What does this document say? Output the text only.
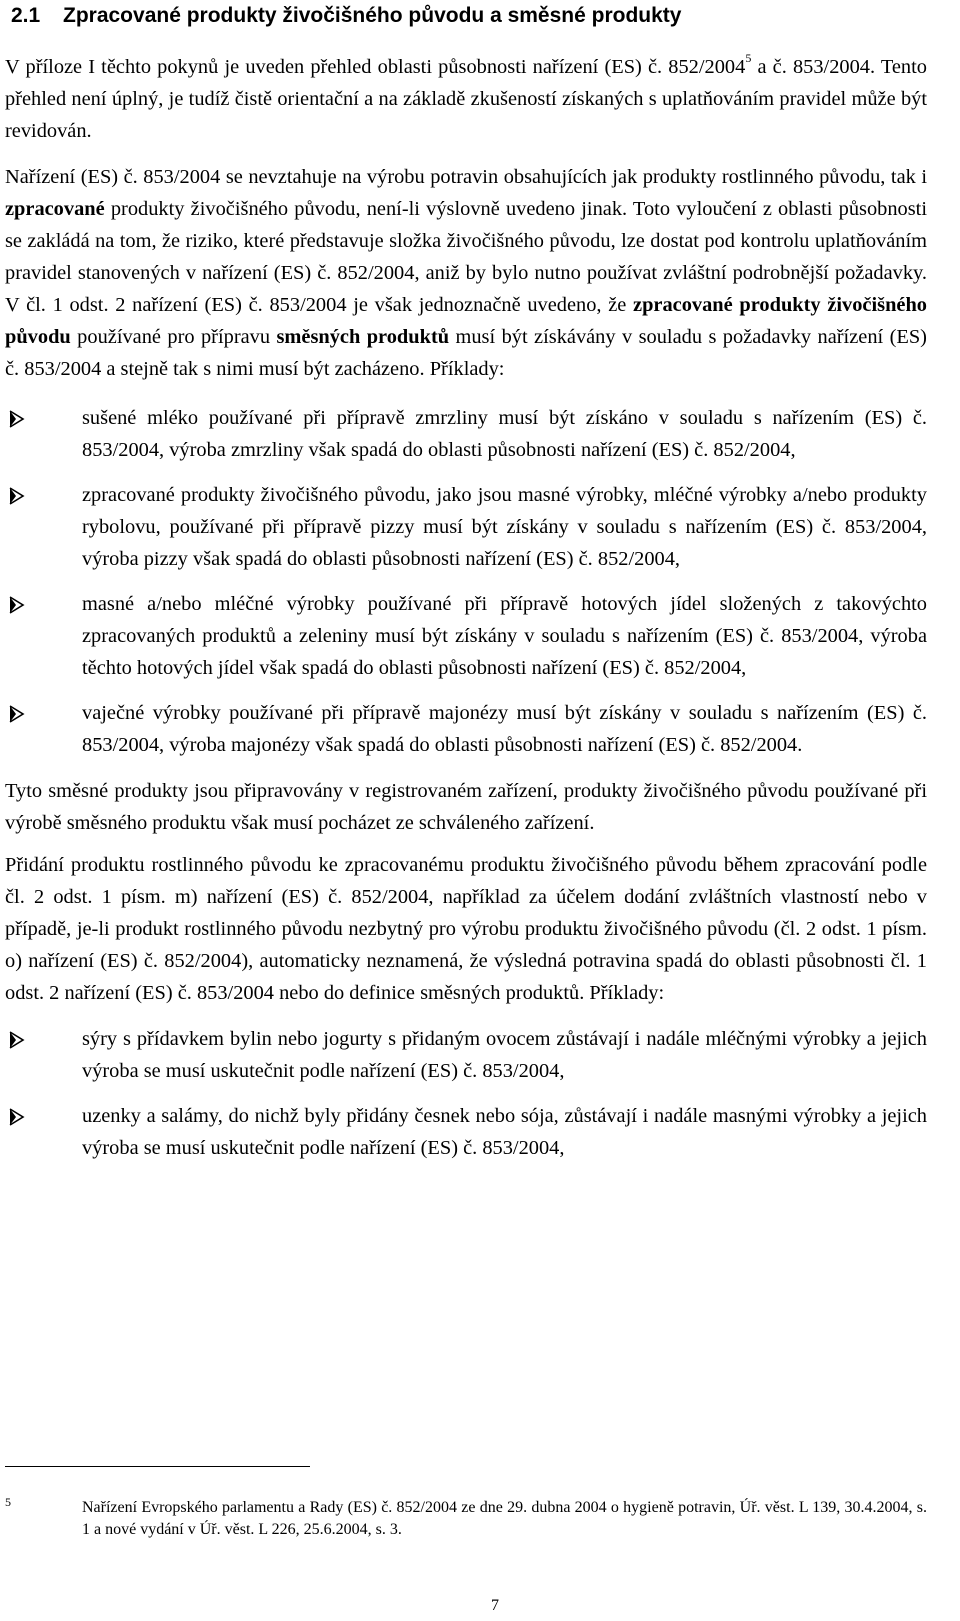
2.1 Zpracované produkty živočišného původu a směsné produkty

V příloze I těchto pokynů je uveden přehled oblasti působnosti nařízení (ES) č. 852/2004$^5$ a č. 853/2004. Tento přehled není úplný, je tudíž čistě orientační a na základě zkušeností získaných s uplatňováním pravidel může být revidován.

Nařízení (ES) č. 853/2004 se nevztahuje na výrobu potravin obsahujících jak produkty rostlinného původu, tak i zpracované produkty živočišného původu, není-li výslovně uvedeno jinak. Toto vyloučení z oblasti působnosti se zakládá na tom, že riziko, které představuje složka živočišného původu, lze dostat pod kontrolu uplatňováním pravidel stanovených v nařízení (ES) č. 852/2004, aniž by bylo nutno používat zvláštní podrobnější požadavky. V čl. 1 odst. 2 nařízení (ES) č. 853/2004 je však jednoznačně uvedeno, že zpracované produkty živočišného původu používané pro přípravu směsných produktů musí být získávány v souladu s požadavky nařízení (ES) č. 853/2004 a stejně tak s nimi musí být zacházeno. Příklady:

sušené mléko používané při přípravě zmrzliny musí být získáno v souladu s nařízením (ES) č. 853/2004, výroba zmrzliny však spadá do oblasti působnosti nařízení (ES) č. 852/2004,
zpracované produkty živočišného původu, jako jsou masné výrobky, mléčné výrobky a/nebo produkty rybolovu, používané při přípravě pizzy musí být získány v souladu s nařízením (ES) č. 853/2004, výroba pizzy však spadá do oblasti působnosti nařízení (ES) č. 852/2004,
masné a/nebo mléčné výrobky používané při přípravě hotových jídel složených z takovýchto zpracovaných produktů a zeleniny musí být získány v souladu s nařízením (ES) č. 853/2004, výroba těchto hotových jídel však spadá do oblasti působnosti nařízení (ES) č. 852/2004,
vaječné výrobky používané při přípravě majonézy musí být získány v souladu s nařízením (ES) č. 853/2004, výroba majonézy však spadá do oblasti působnosti nařízení (ES) č. 852/2004.

Tyto směsné produkty jsou připravovány v registrovaném zařízení, produkty živočišného původu používané při výrobě směsného produktu však musí pocházet ze schváleného zařízení.

Přidání produktu rostlinného původu ke zpracovanému produktu živočišného původu během zpracování podle čl. 2 odst. 1 písm. m) nařízení (ES) č. 852/2004, například za účelem dodání zvláštních vlastností nebo v případě, je-li produkt rostlinného původu nezbytný pro výrobu produktu živočišného původu (čl. 2 odst. 1 písm. o) nařízení (ES) č. 852/2004), automaticky neznamená, že výsledná potravina spadá do oblasti působnosti čl. 1 odst. 2 nařízení (ES) č. 853/2004 nebo do definice směsných produktů. Příklady:

sýry s přídavkem bylin nebo jogurty s přidaným ovocem zůstávají i nadále mléčnými výrobky a jejich výroba se musí uskutečnit podle nařízení (ES) č. 853/2004,
uzenky a salámy, do nichž byly přidány česnek nebo sója, zůstávají i nadále masnými výrobky a jejich výroba se musí uskutečnit podle nařízení (ES) č. 853/2004,
5	Nařízení Evropského parlamentu a Rady (ES) č. 852/2004 ze dne 29. dubna 2004 o hygieně potravin, Úř. věst. L 139, 30.4.2004, s. 1 a nové vydání v Úř. věst. L 226, 25.6.2004, s. 3.
7
